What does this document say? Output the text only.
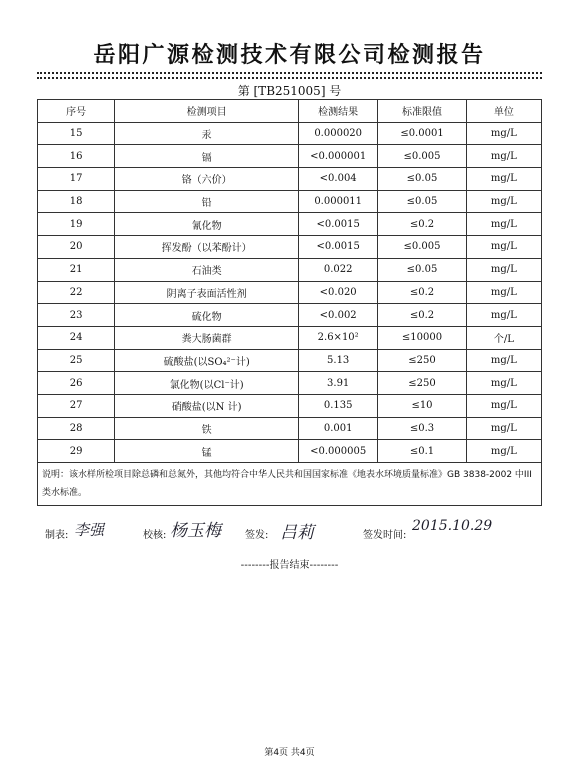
岳阳广源检测技术有限公司检测报告
第 [TB251005] 号
序号	检测项目	检测结果	标准限值	单位
15	汞	0.000020	≤0.0001	mg/L
16	镉	<0.000001	≤0.005	mg/L
17	铬（六价）	<0.004	≤0.05	mg/L
18	铅	0.000011	≤0.05	mg/L
19	氰化物	<0.0015	≤0.2	mg/L
20	挥发酚（以苯酚计）	<0.0015	≤0.005	mg/L
21	石油类	0.022	≤0.05	mg/L
22	阴离子表面活性剂	<0.020	≤0.2	mg/L
23	硫化物	<0.002	≤0.2	mg/L
24	粪大肠菌群	2.6×10²	≤10000	个/L
25	硫酸盐(以SO₄²⁻计)	5.13	≤250	mg/L
26	氯化物(以Cl⁻计)	3.91	≤250	mg/L
27	硝酸盐(以N 计)	0.135	≤10	mg/L
28	铁	0.001	≤0.3	mg/L
29	锰	<0.000005	≤0.1	mg/L
说明：该水样所检项目除总磷和总氮外，其他均符合中华人民共和国国家标准《地表水环境质量标准》GB 3838-2002 中III类水标准。				
制表:	校核:	签发:	签发时间:
李强	杨玉梅	吕莉	2015.10.29
--------报告结束--------
第4页 共4页
